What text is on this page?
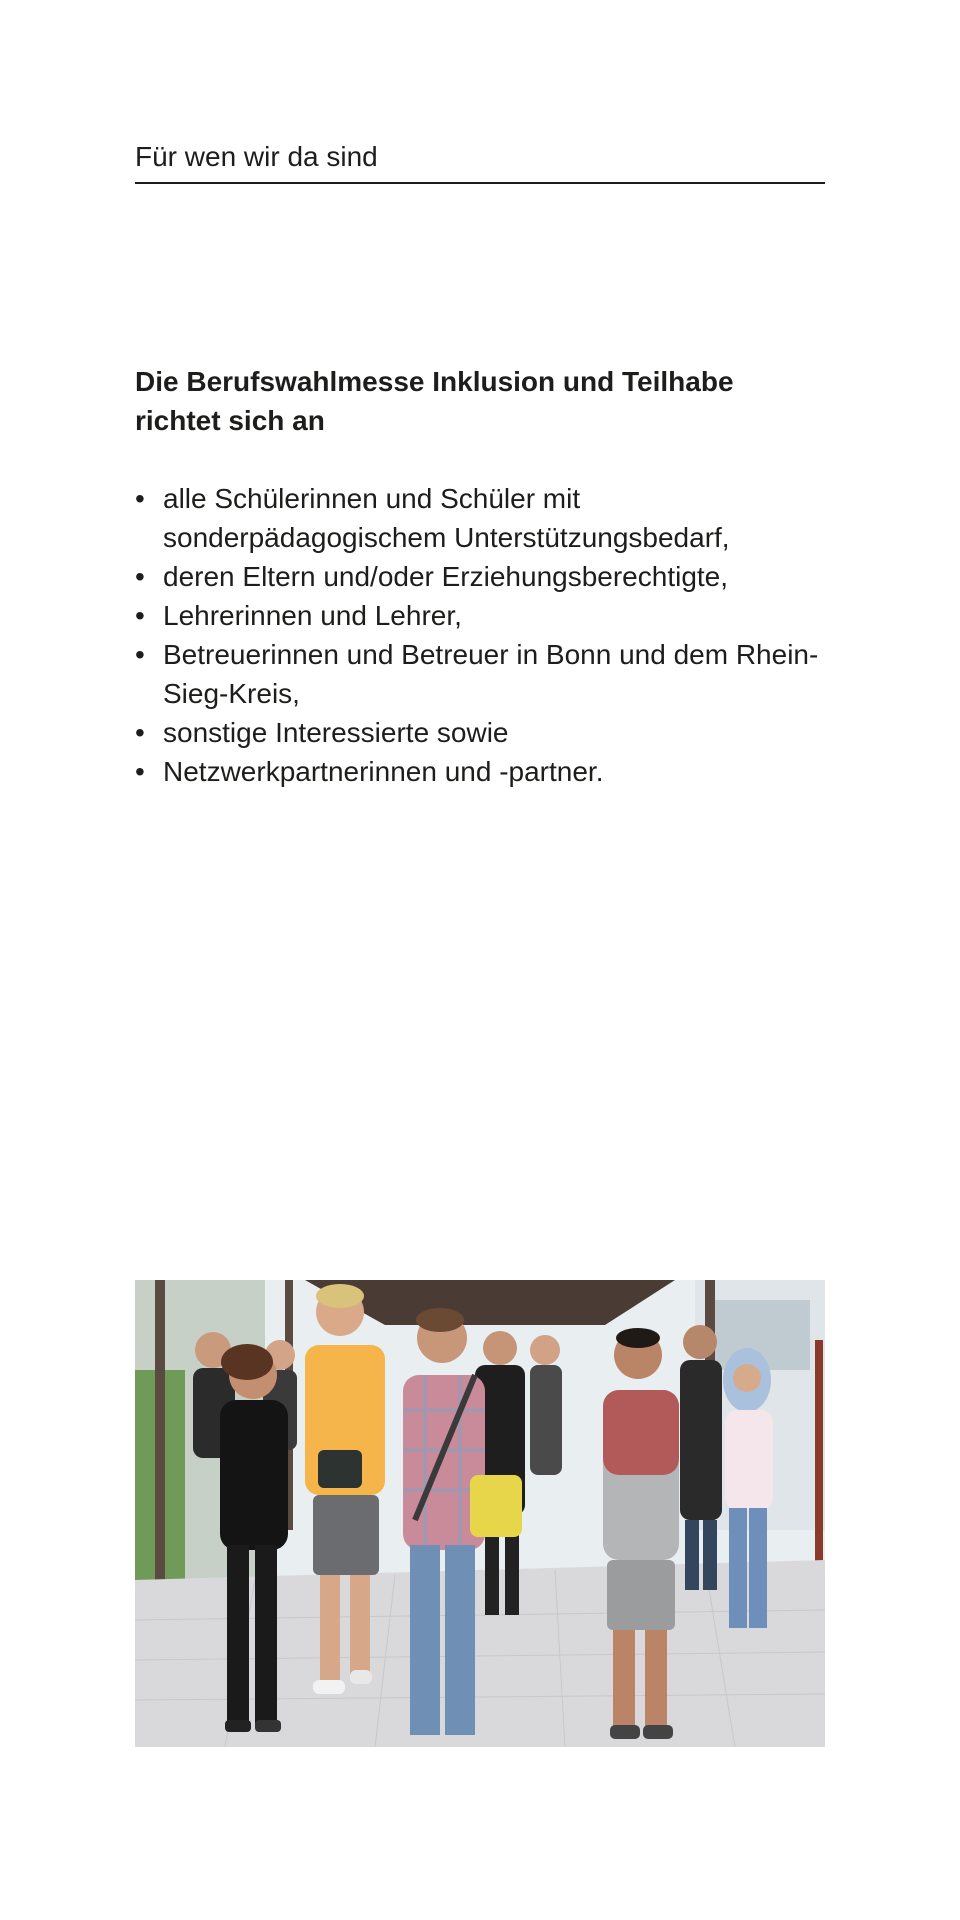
Für wen wir da sind

Die Berufswahlmesse Inklusion und Teilhabe richtet sich an

• alle Schülerinnen und Schüler mit sonderpädagogischem Unterstützungsbedarf,
• deren Eltern und/oder Erziehungsberechtigte,
• Lehrerinnen und Lehrer,
• Betreuerinnen und Betreuer in Bonn und dem Rhein-Sieg-Kreis,
• sonstige Interessierte sowie
• Netzwerkpartnerinnen und -partner.
